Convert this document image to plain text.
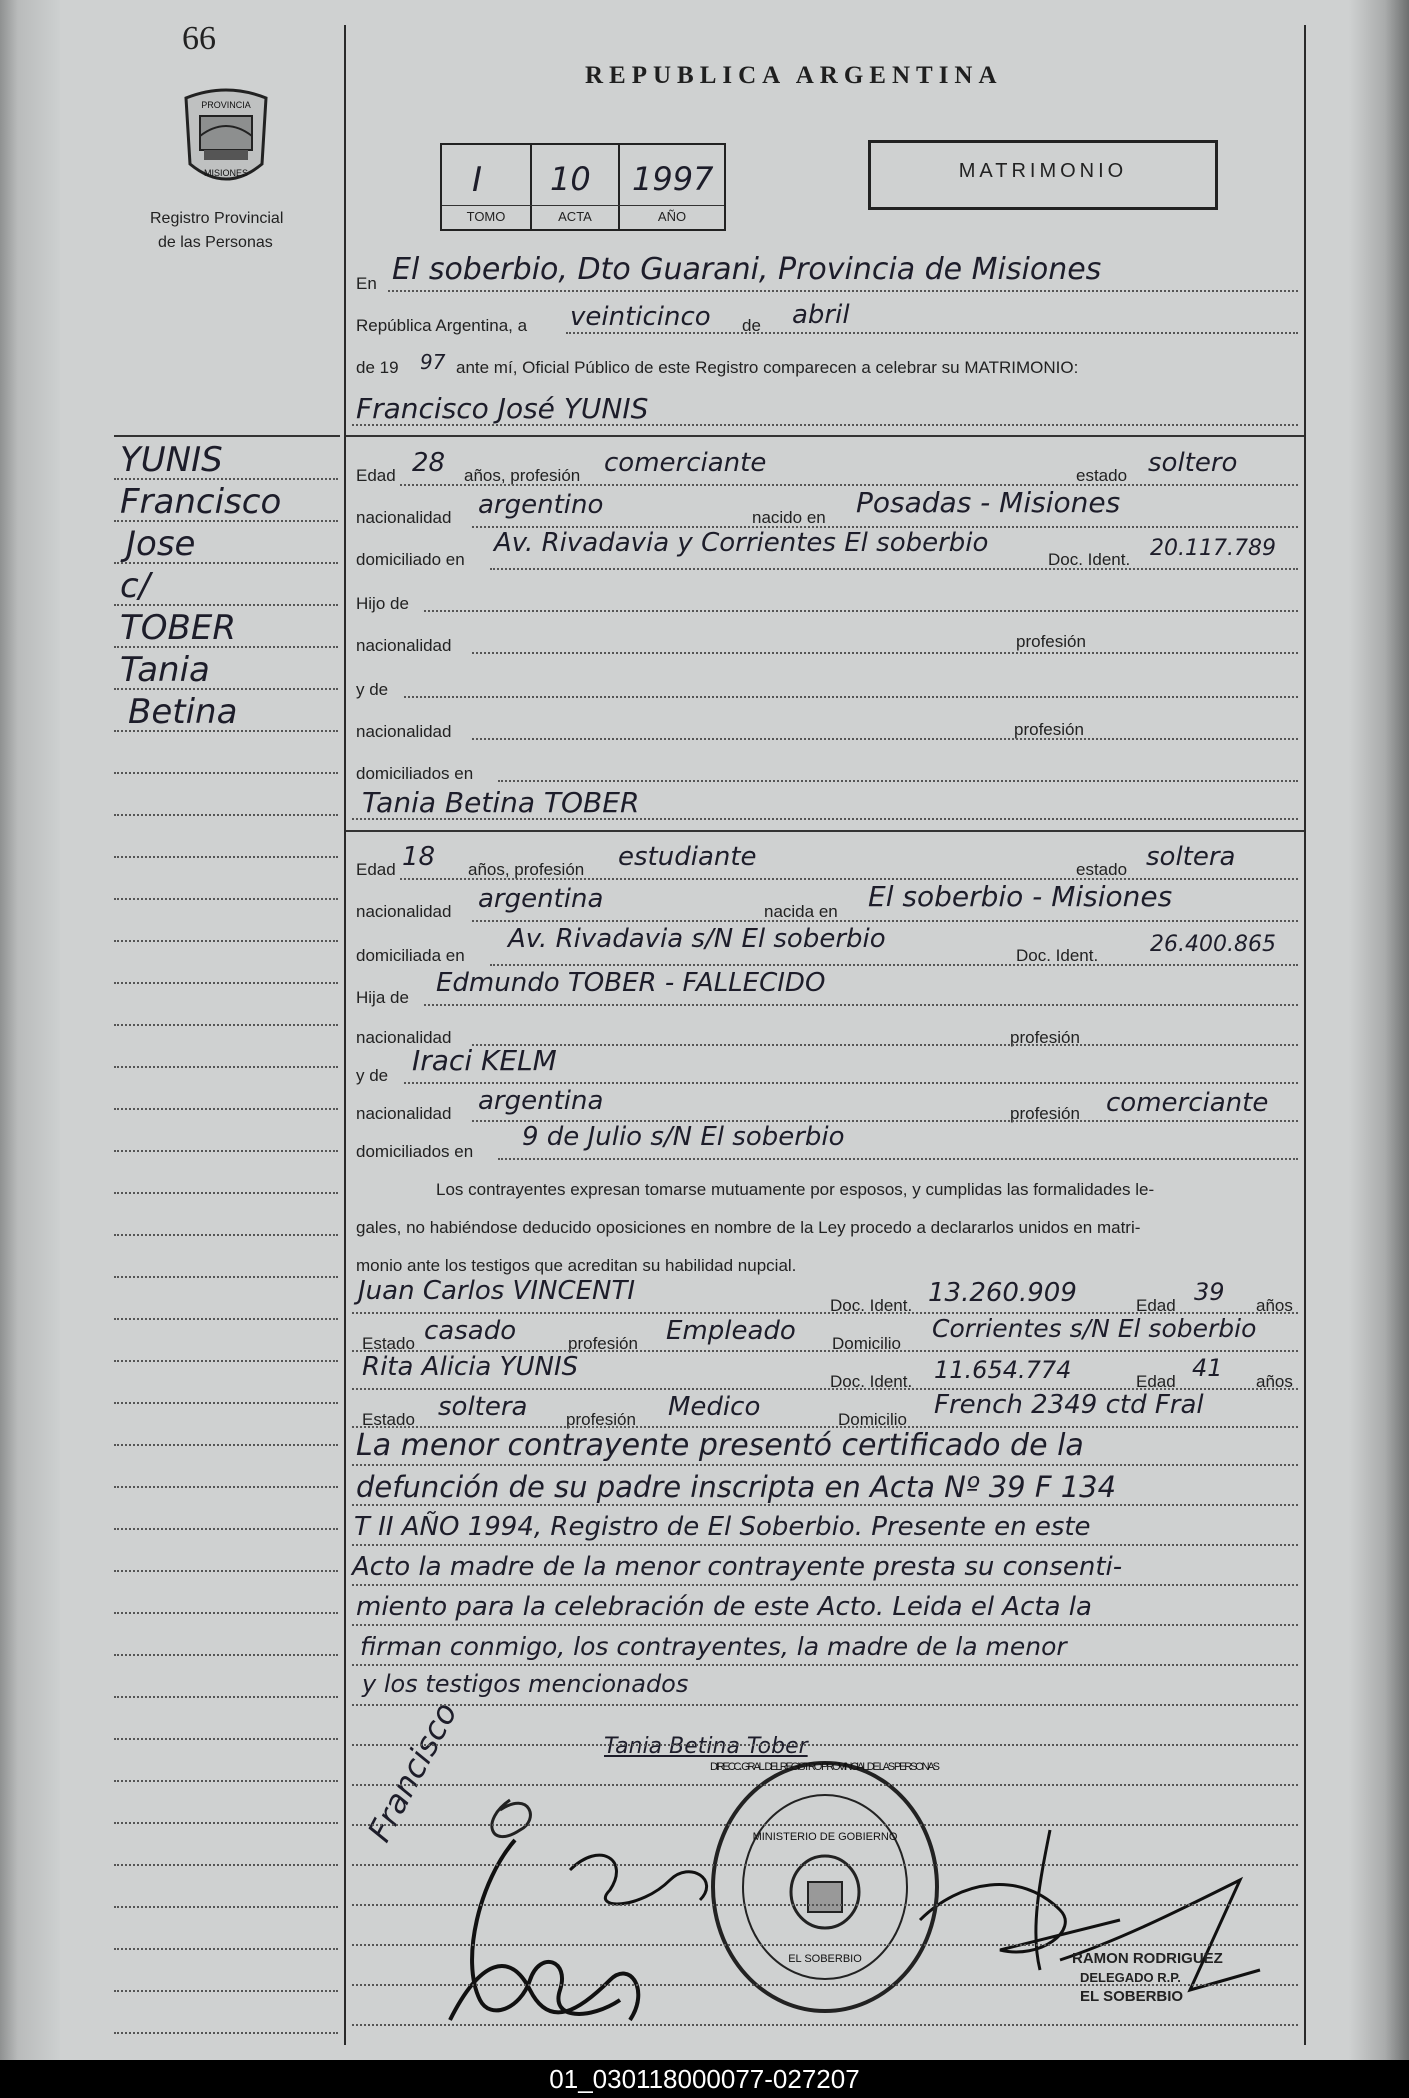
66
PROVINCIA
MISIONES
Registro Provincial
de las Personas
REPUBLICA ARGENTINA
I 10 1997
TOMO	ACTA	AÑO
MATRIMONIO
YUNIS
Francisco
Jose
c/
TOBER
Tania
Betina
En El soberbio, Dto Guarani, Provincia de Misiones
República Argentina, a veinticinco de abril
de 19 97 ante mí, Oficial Público de este Registro comparecen a celebrar su MATRIMONIO:
Francisco José YUNIS
Edad 28 años, profesión comerciante	estado soltero
nacionalidad argentino	nacido en Posadas - Misiones
domiciliado en
Av. Rivadavia y Corrientes El soberbio
Doc. Ident. 20.117.789
Hijo de
nacionalidad	profesión
y de
nacionalidad	profesión
domiciliados en
Tania Betina TOBER
Edad 18 años, profesión estudiante	estado soltera
nacionalidad argentina	nacida en El soberbio - Misiones
domiciliada en
Av. Rivadavia s/N El soberbio
Doc. Ident. 26.400.865
Hija de Edmundo TOBER - FALLECIDO
nacionalidad	profesión
y de Iraci KELM
nacionalidad argentina	profesión comerciante
domiciliados en 9 de Julio s/N El soberbio
Los contrayentes expresan tomarse mutuamente por esposos, y cumplidas las formalidades le-
gales, no habiéndose deducido oposiciones en nombre de la Ley procedo a declararlos unidos en matri-
monio ante los testigos que acreditan su habilidad nupcial.
Juan Carlos VINCENTI	Doc. Ident. 13.260.909	Edad 39 años
Estado casado	profesión Empleado Domicilio
Corrientes s/N El soberbio
Rita Alicia YUNIS	Doc. Ident. 11.654.774	Edad 41 años
Estado soltera profesión Medico	Domicilio French 2349 ctd Fral
La menor contrayente presentó certificado de la
defunción de su padre inscripta en Acta Nº 39 F 134
T II AÑO 1994, Registro de El Soberbio. Presente en este
Acto la madre de la menor contrayente presta su consenti-
miento para la celebración de este Acto. Leida el Acta la
firman conmigo, los contrayentes, la madre de la menor
y los testigos mencionados
Tania Betina Tober
Francisco	DIRECC. GRAL. DEL REGISTRO PROVINCIAL DE LAS PERSONAS
MINISTERIO DE GOBIERNO
EL SOBERBIO	RAMON RODRIGUEZ
DELEGADO R.P.
EL SOBERBIO
01_030118000077-027207
